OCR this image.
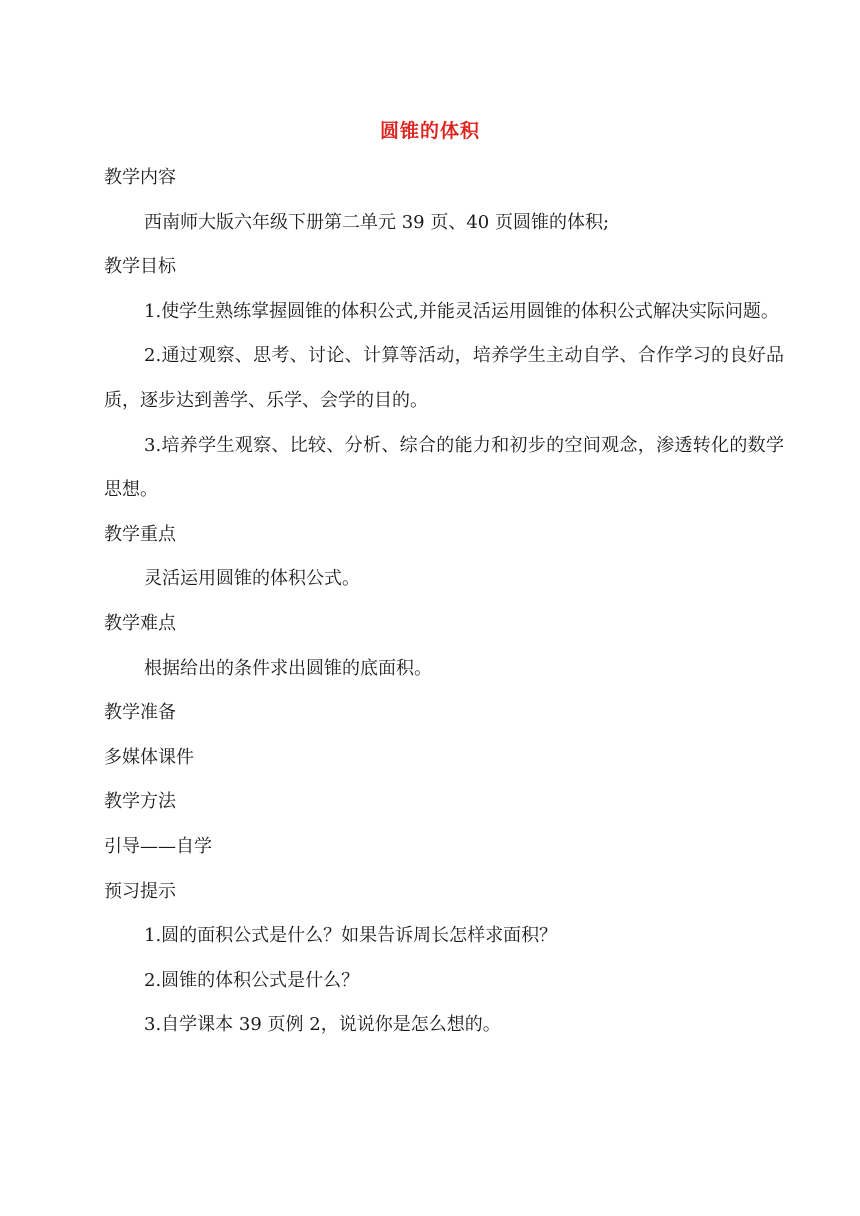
圆锥的体积

教学内容

西南师大版六年级下册第二单元 39 页、40 页圆锥的体积;

教学目标

1.使学生熟练掌握圆锥的体积公式,并能灵活运用圆锥的体积公式解决实际问题。

2.通过观察、思考、讨论、计算等活动，培养学生主动自学、合作学习的良好品质，逐步达到善学、乐学、会学的目的。

3.培养学生观察、比较、分析、综合的能力和初步的空间观念，渗透转化的数学思想。

教学重点

灵活运用圆锥的体积公式。

教学难点

根据给出的条件求出圆锥的底面积。

教学准备

多媒体课件

教学方法

引导——自学

预习提示

1.圆的面积公式是什么？如果告诉周长怎样求面积？

2.圆锥的体积公式是什么？

3.自学课本 39 页例 2，说说你是怎么想的。
